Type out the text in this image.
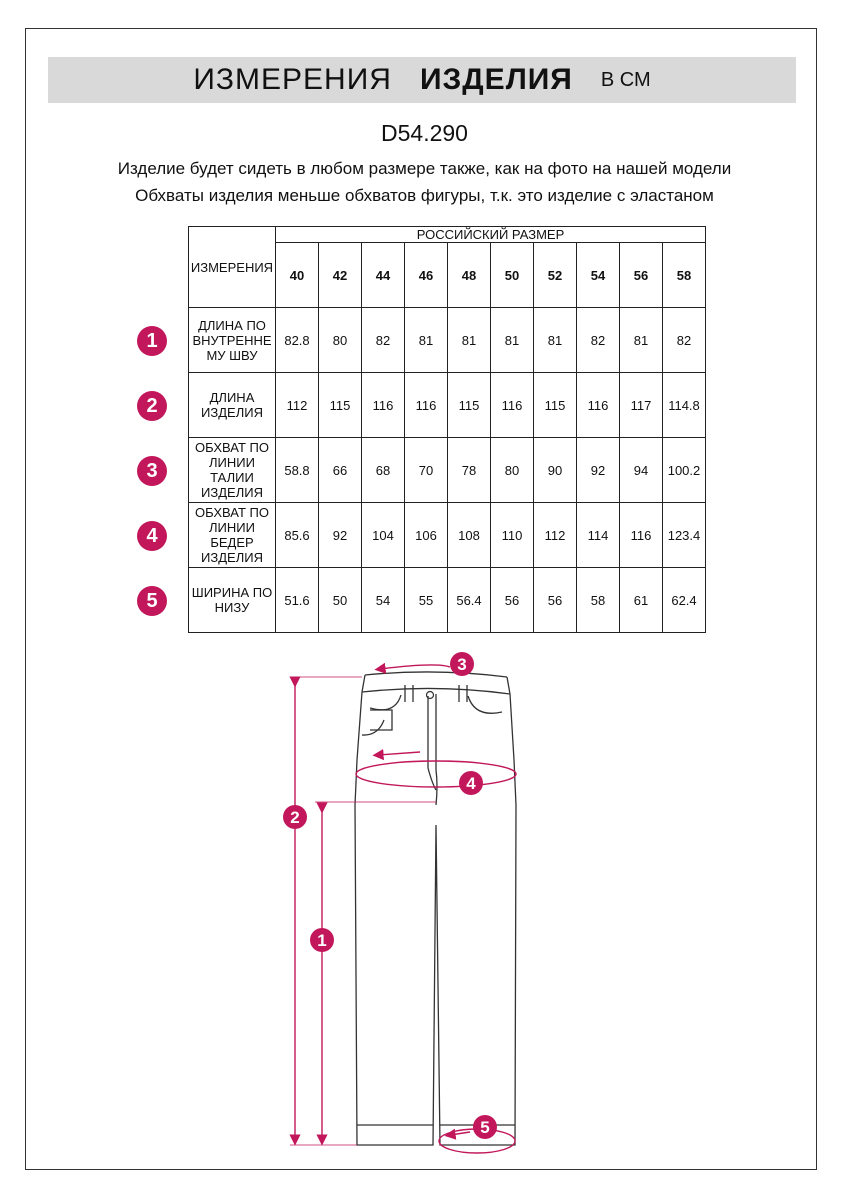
ИЗМЕРЕНИЯ ИЗДЕЛИЯ В СМ
D54.290
Изделие будет сидеть в любом размере также, как на фото на нашей модели
Обхваты изделия меньше обхватов фигуры, т.к. это изделие с эластаном
ИЗМЕРЕНИЯ	РОССИЙСКИЙ РАЗМЕР									
	40	42	44	46	48	50	52	54	56	58
ДЛИНА ПО ВНУТРЕННЕ МУ ШВУ	82.8	80	82	81	81	81	81	82	81	82
ДЛИНА ИЗДЕЛИЯ	112	115	116	116	115	116	115	116	117	114.8
ОБХВАТ ПО ЛИНИИ ТАЛИИ ИЗДЕЛИЯ	58.8	66	68	70	78	80	90	92	94	100.2
ОБХВАТ ПО ЛИНИИ БЕДЕР ИЗДЕЛИЯ	85.6	92	104	106	108	110	112	114	116	123.4
ШИРИНА ПО НИЗУ	51.6	50	54	55	56.4	56	56	58	61	62.4
1
2
3
4
5
3
4
2
1
5
